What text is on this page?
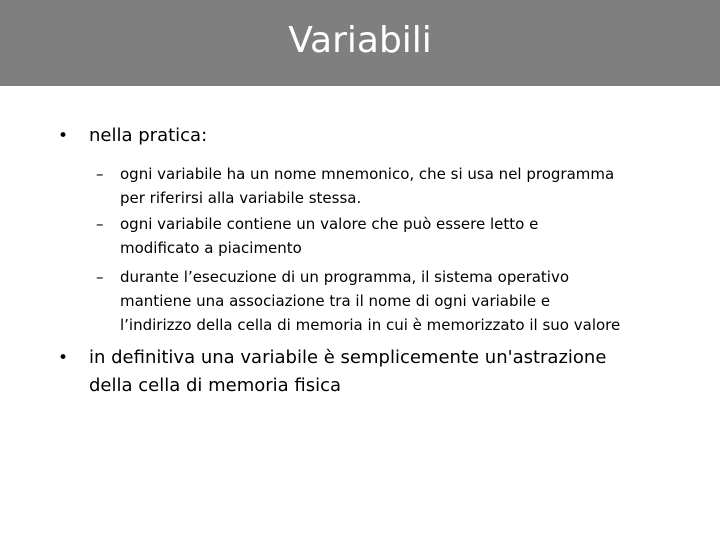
Variabili
• nella pratica:
– ogni variabile ha un nome mnemonico, che si usa nel programma
per riferirsi alla variabile stessa.
– ogni variabile contiene un valore che può essere letto e
modificato a piacimento
– durante l’esecuzione di un programma, il sistema operativo
mantiene una associazione tra il nome di ogni variabile e
l’indirizzo della cella di memoria in cui è memorizzato il suo valore
• in definitiva una variabile è semplicemente un'astrazione
della cella di memoria fisica
